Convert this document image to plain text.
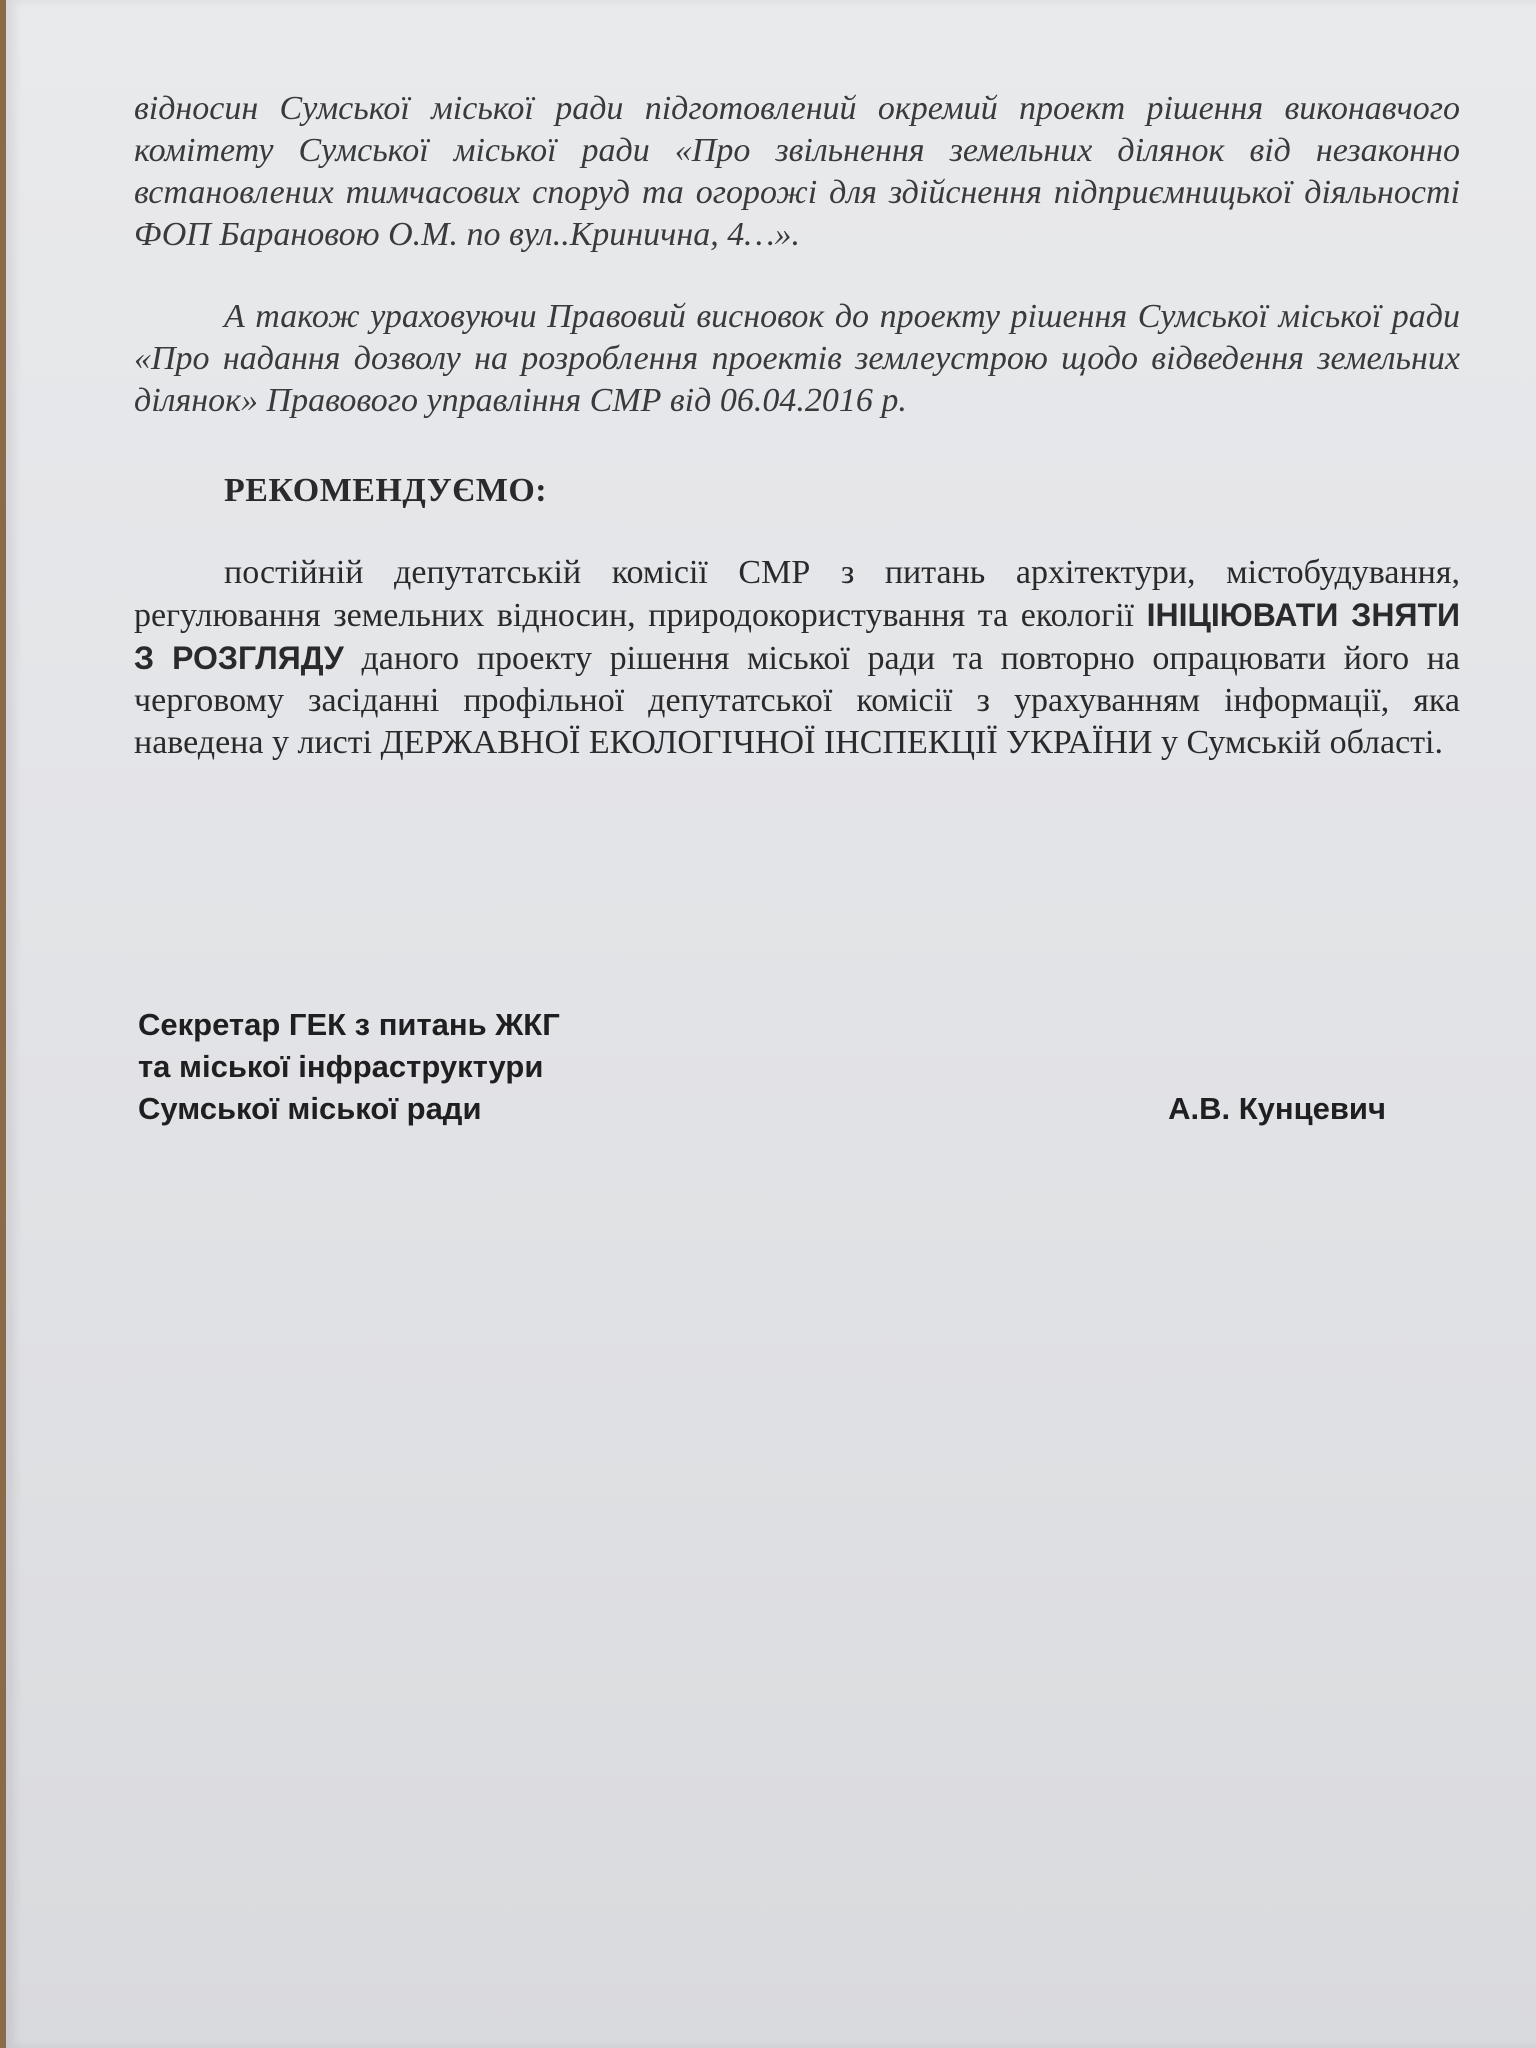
відносин Сумської міської ради підготовлений окремий проект рішення виконавчого комітету Сумської міської ради «Про звільнення земельних ділянок від незаконно встановлених тимчасових споруд та огорожі для здійснення підприємницької діяльності ФОП Барановою О.М. по вул..Кринична, 4…».

А також ураховуючи Правовий висновок до проекту рішення Сумської міської ради «Про надання дозволу на розроблення проектів землеустрою щодо відведення земельних ділянок» Правового управління СМР від 06.04.2016 р.

РЕКОМЕНДУЄМО:

постійній депутатській комісії СМР з питань архітектури, містобудування, регулювання земельних відносин, природокористування та екології ІНІЦІЮВАТИ ЗНЯТИ З РОЗГЛЯДУ даного проекту рішення міської ради та повторно опрацювати його на черговому засіданні профільної депутатської комісії з урахуванням інформації, яка наведена у листі ДЕРЖАВНОЇ ЕКОЛОГІЧНОЇ ІНСПЕКЦІЇ УКРАЇНИ у Сумській області.

Секретар ГЕК з питань ЖКГ
та міської інфраструктури
Сумської міської ради	А.В. Кунцевич
